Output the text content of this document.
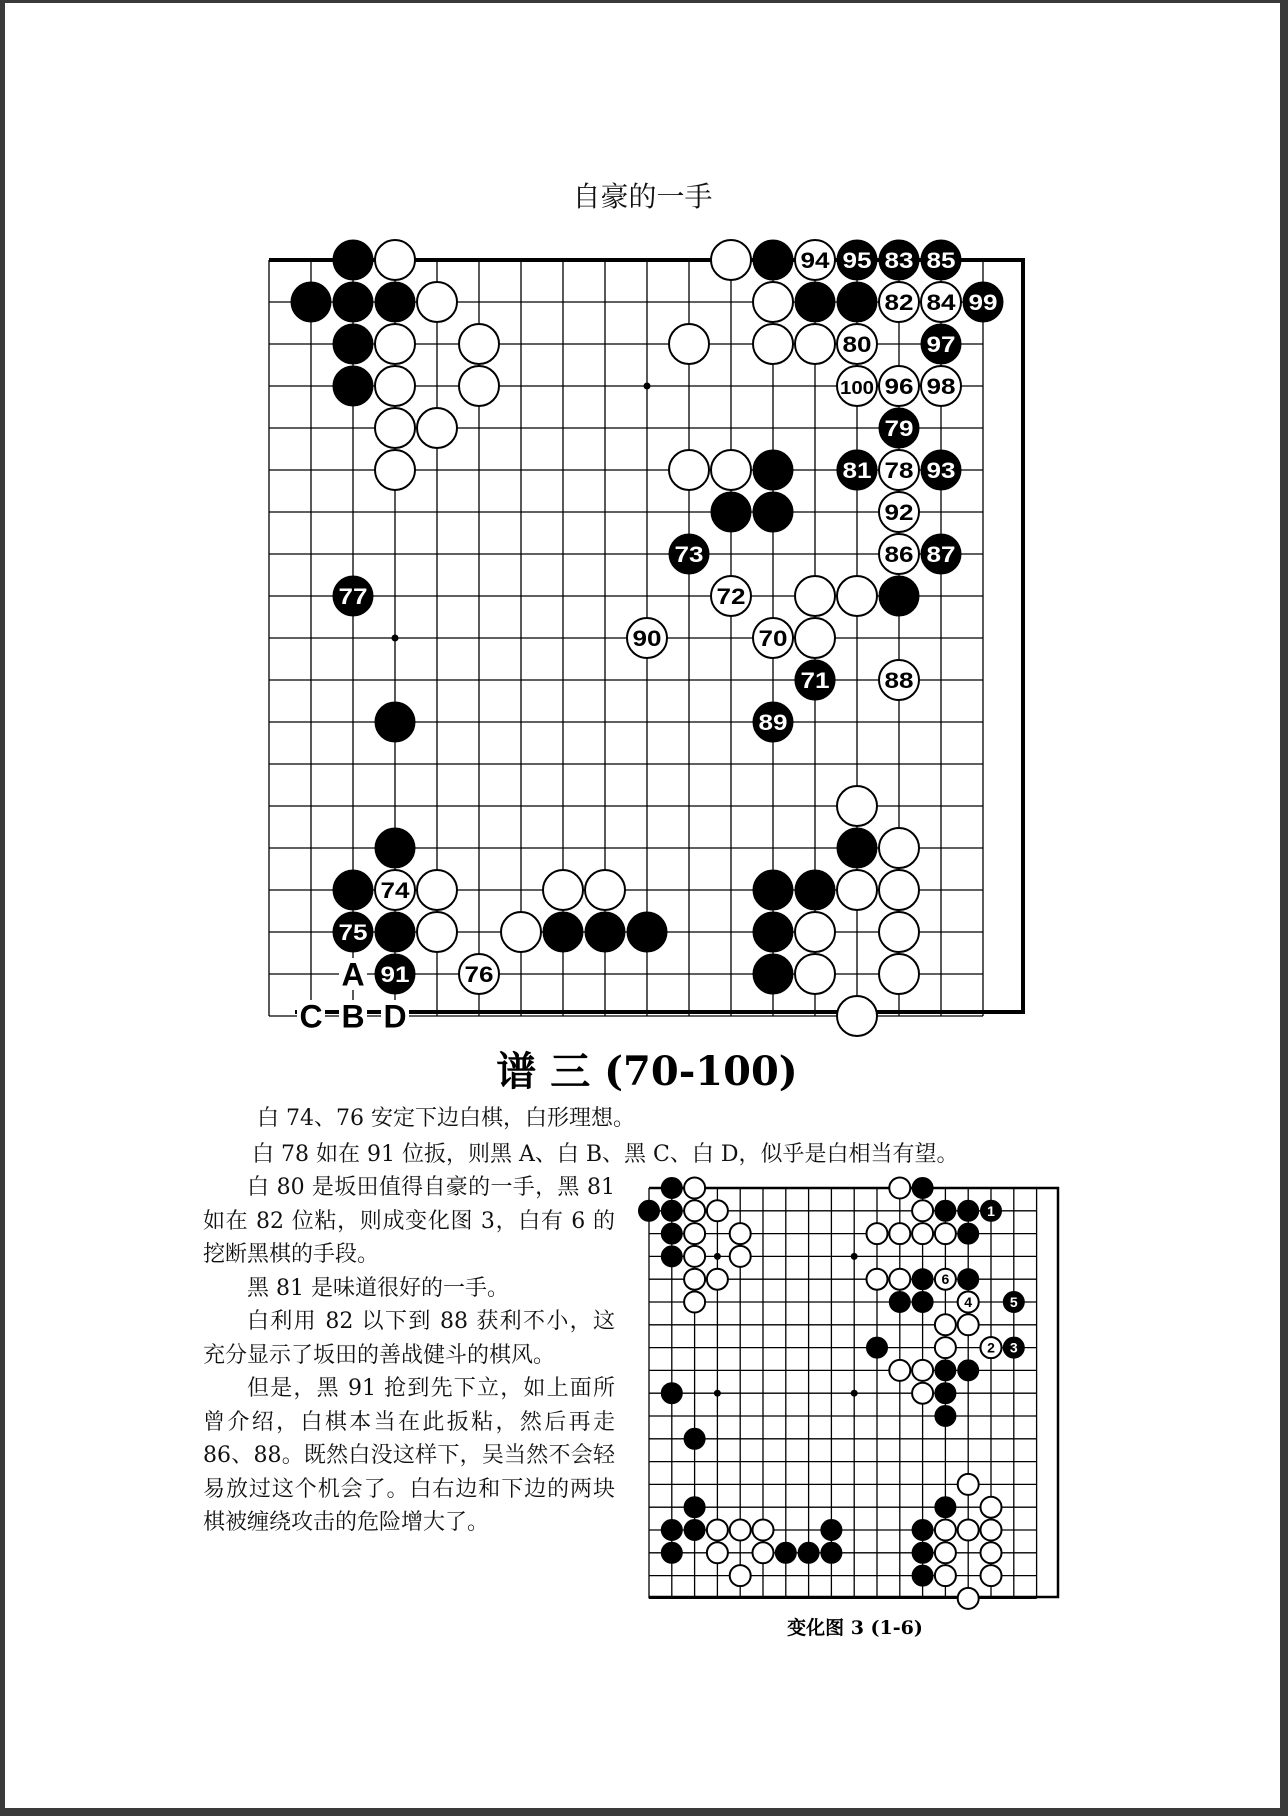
自豪的一手
95 83 85
99
97
79
81	93
87
73
77
71
89
75
91
94
82 84
80
100 96 98
78
92
86
72
90	70
88
74
76
A
C B D
谱 三 (70-100)

白 74、76 安定下边白棋，白形理想。

白 78 如在 91 位扳，则黑 A、白 B、黑 C、白 D，似乎是白相当有望。

白 80 是坂田值得自豪的一手，黑 81 如在 82 位粘，则成变化图 3，白有 6 的挖断黑棋的手段。

黑 81 是味道很好的一手。

白利用 82 以下到 88 获利不小，这充分显示了坂田的善战健斗的棋风。

但是，黑 91 抢到先下立，如上面所曾介绍，白棋本当在此扳粘，然后再走 86、88。既然白没这样下，吴当然不会轻易放过这个机会了。白右边和下边的两块棋被缠绕攻击的危险增大了。

1
3
5
2
4
6
变化图 3 (1-6)
